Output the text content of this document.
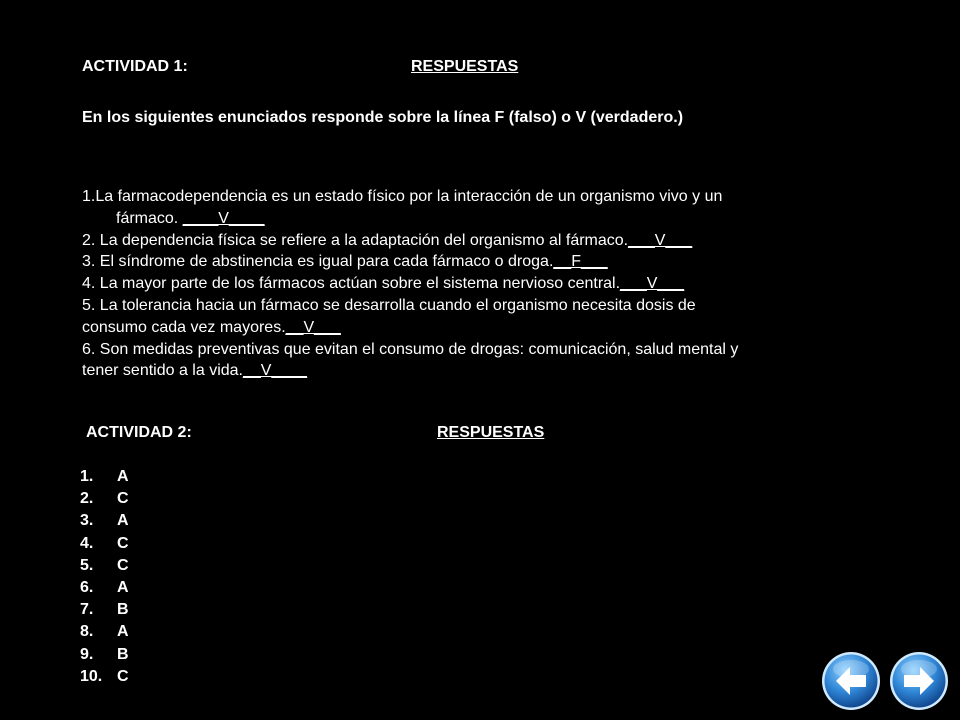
ACTIVIDAD 1:	RESPUESTAS
En los siguientes enunciados responde sobre la línea F (falso) o V (verdadero.)
1.La farmacodependencia es un estado físico por la interacción de un organismo vivo y un
fármaco. ____V____
2. La dependencia física se refiere a la adaptación del organismo al fármaco.___V___
3. El síndrome de abstinencia es igual para cada fármaco o droga.__F___
4. La mayor parte de los fármacos actúan sobre el sistema nervioso central.___V___
5. La tolerancia hacia un fármaco se desarrolla cuando el organismo necesita dosis de
consumo cada vez mayores.__V___
6. Son medidas preventivas que evitan el consumo de drogas: comunicación, salud mental y
tener sentido a la vida.__V____
ACTIVIDAD 2:	RESPUESTAS
1. A
2. C
3. A
4. C
5. C
6. A
7. B
8. A
9. B
10. C
